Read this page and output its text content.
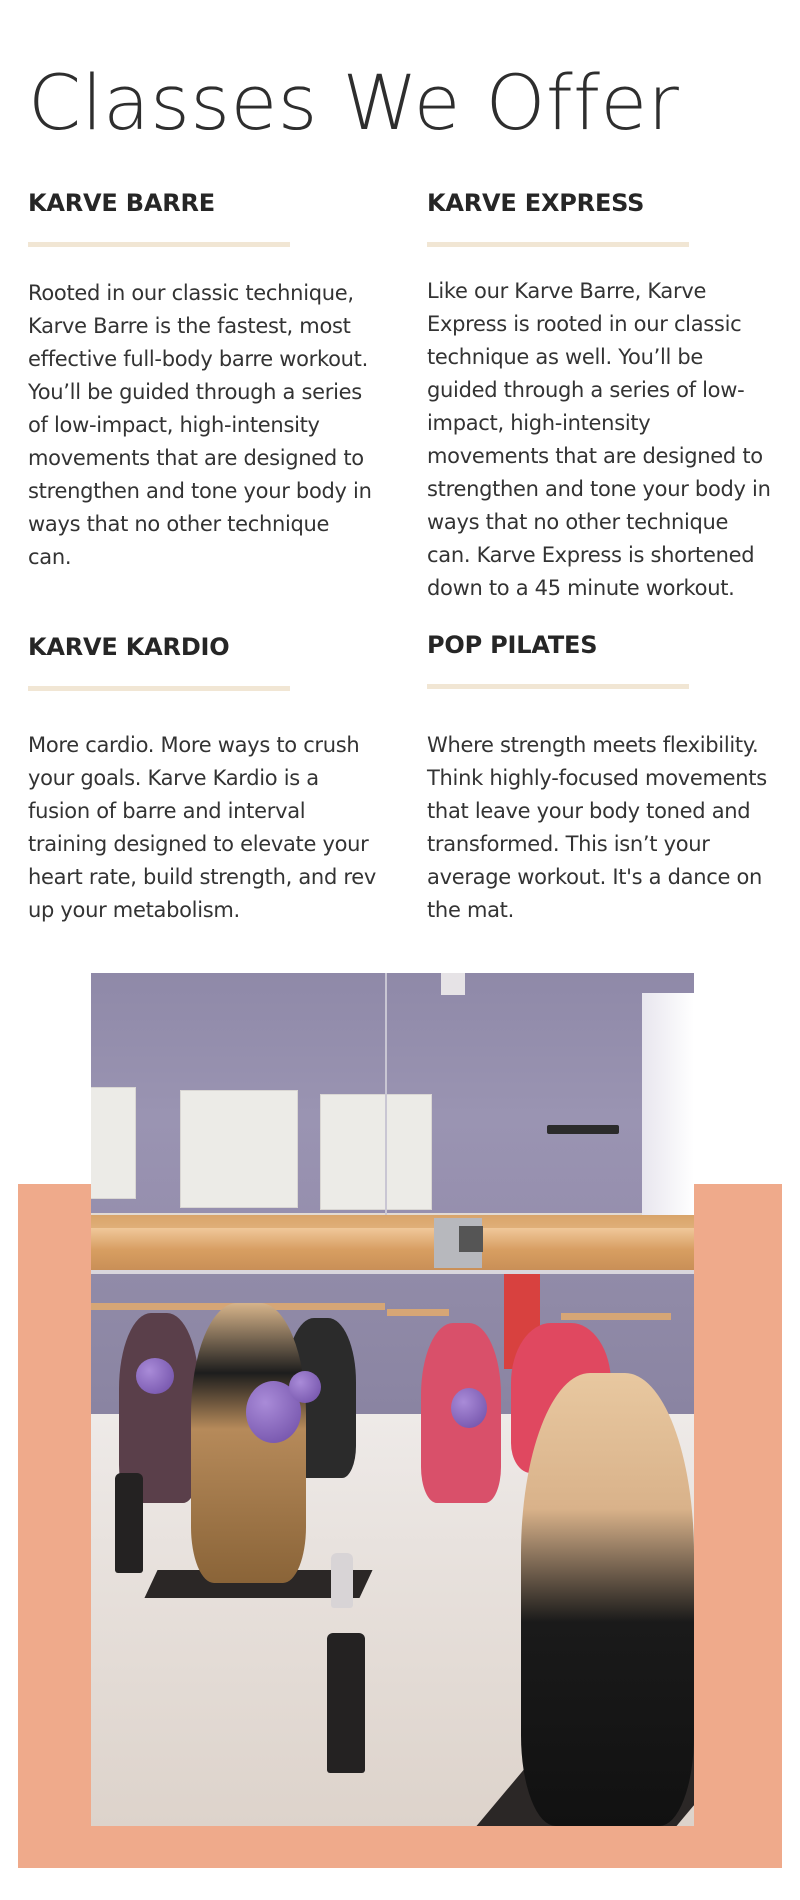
Classes We Offer
KARVE BARRE

Rooted in our classic technique, Karve Barre is the fastest, most effective full-body barre workout. You’ll be guided through a series of low-impact, high-intensity movements that are designed to strengthen and tone your body in ways that no other technique can.

KARVE EXPRESS

Like our Karve Barre, Karve Express is rooted in our classic technique as well. You’ll be guided through a series of low-impact, high-intensity movements that are designed to strengthen and tone your body in ways that no other technique can. Karve Express is shortened down to a 45 minute workout.

KARVE KARDIO

More cardio. More ways to crush your goals. Karve Kardio is a fusion of barre and interval training designed to elevate your heart rate, build strength, and rev up your metabolism.

POP PILATES

Where strength meets flexibility. Think highly-focused movements that leave your body toned and transformed. This isn’t your average workout. It's a dance on the mat.
